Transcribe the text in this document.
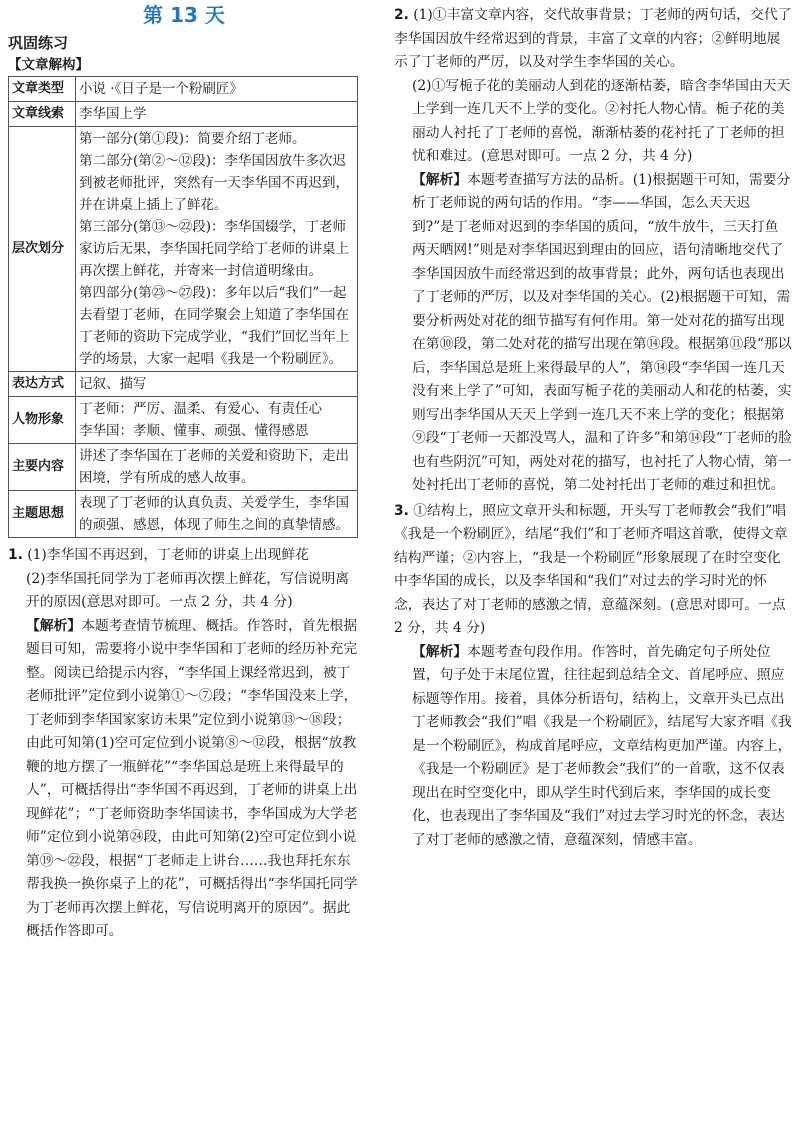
第 13 天
巩固练习
【文章解构】
文章类型	小说 ·《日子是一个粉刷匠》
文章线索	李华国上学
层次划分	第一部分(第①段)：简要介绍丁老师。

第二部分(第②～⑫段)：李华国因放牛多次迟到被老师批评，突然有一天李华国不再迟到，并在讲桌上插上了鲜花。

第三部分(第⑬～㉒段)：李华国辍学，丁老师家访后无果，李华国托同学给丁老师的讲桌上再次摆上鲜花，并寄来一封信道明缘由。

第四部分(第㉓～㉗段)：多年以后“我们”一起去看望丁老师，在同学聚会上知道了李华国在丁老师的资助下完成学业，“我们”回忆当年上学的场景，大家一起唱《我是一个粉刷匠》。

表达方式	记叙、描写
人物形象	丁老师：严厉、温柔、有爱心、有责任心

李华国：孝顺、懂事、顽强、懂得感恩

主要内容	讲述了李华国在丁老师的关爱和资助下，走出困境，学有所成的感人故事。
主题思想	表现了丁老师的认真负责、关爱学生，李华国的顽强、感恩，体现了师生之间的真挚情感。

1. (1)李华国不再迟到，丁老师的讲桌上出现鲜花

(2)李华国托同学为丁老师再次摆上鲜花，写信说明离开的原因(意思对即可。一点 2 分，共 4 分)

【解析】本题考查情节梳理、概括。作答时，首先根据题目可知，需要将小说中李华国和丁老师的经历补充完整。阅读已给提示内容，“李华国上课经常迟到，被丁老师批评”定位到小说第①～⑦段；“李华国没来上学，丁老师到李华国家家访未果”定位到小说第⑬～⑱段；由此可知第(1)空可定位到小说第⑧～⑫段，根据“放教鞭的地方摆了一瓶鲜花”“李华国总是班上来得最早的人”，可概括得出“李华国不再迟到，丁老师的讲桌上出现鲜花”；“丁老师资助李华国读书，李华国成为大学老师”定位到小说第㉔段，由此可知第(2)空可定位到小说第⑲～㉒段，根据“丁老师走上讲台……我也拜托东东帮我换一换你桌子上的花”，可概括得出“李华国托同学为丁老师再次摆上鲜花，写信说明离开的原因”。据此概括作答即可。

2. (1)①丰富文章内容，交代故事背景；丁老师的两句话，交代了李华国因放牛经常迟到的背景，丰富了文章的内容；②鲜明地展示了丁老师的严厉，以及对学生李华国的关心。

(2)①写栀子花的美丽动人到花的逐渐枯萎，暗含李华国由天天上学到一连几天不上学的变化。②衬托人物心情。栀子花的美丽动人衬托了丁老师的喜悦，渐渐枯萎的花衬托了丁老师的担忧和难过。(意思对即可。一点 2 分，共 4 分)

【解析】本题考查描写方法的品析。(1)根据题干可知，需要分析丁老师说的两句话的作用。“李——华国，怎么天天迟到?”是丁老师对迟到的李华国的质问，“放牛放牛，三天打鱼两天晒网!”则是对李华国迟到理由的回应，语句清晰地交代了李华国因放牛而经常迟到的故事背景；此外，两句话也表现出了丁老师的严厉，以及对李华国的关心。(2)根据题干可知，需要分析两处对花的细节描写有何作用。第一处对花的描写出现在第⑩段，第二处对花的描写出现在第⑭段。根据第⑪段“那以后，李华国总是班上来得最早的人”，第⑭段“李华国一连几天没有来上学了”可知，表面写栀子花的美丽动人和花的枯萎，实则写出李华国从天天上学到一连几天不来上学的变化；根据第⑨段“丁老师一天都没骂人，温和了许多”和第⑭段“丁老师的脸也有些阴沉”可知，两处对花的描写，也衬托了人物心情，第一处衬托出丁老师的喜悦，第二处衬托出丁老师的难过和担忧。

3. ①结构上，照应文章开头和标题，开头写丁老师教会“我们”唱《我是一个粉刷匠》，结尾“我们”和丁老师齐唱这首歌，使得文章结构严谨；②内容上，“我是一个粉刷匠”形象展现了在时空变化中李华国的成长，以及李华国和“我们”对过去的学习时光的怀念，表达了对丁老师的感激之情，意蕴深刻。(意思对即可。一点 2 分，共 4 分)

【解析】本题考查句段作用。作答时，首先确定句子所处位置，句子处于末尾位置，往往起到总结全文、首尾呼应、照应标题等作用。接着，具体分析语句，结构上，文章开头已点出丁老师教会“我们”唱《我是一个粉刷匠》，结尾写大家齐唱《我是一个粉刷匠》，构成首尾呼应，文章结构更加严谨。内容上，《我是一个粉刷匠》是丁老师教会“我们”的一首歌，这不仅表现出在时空变化中，即从学生时代到后来，李华国的成长变化，也表现出了李华国及“我们”对过去学习时光的怀念，表达了对丁老师的感激之情，意蕴深刻，情感丰富。
